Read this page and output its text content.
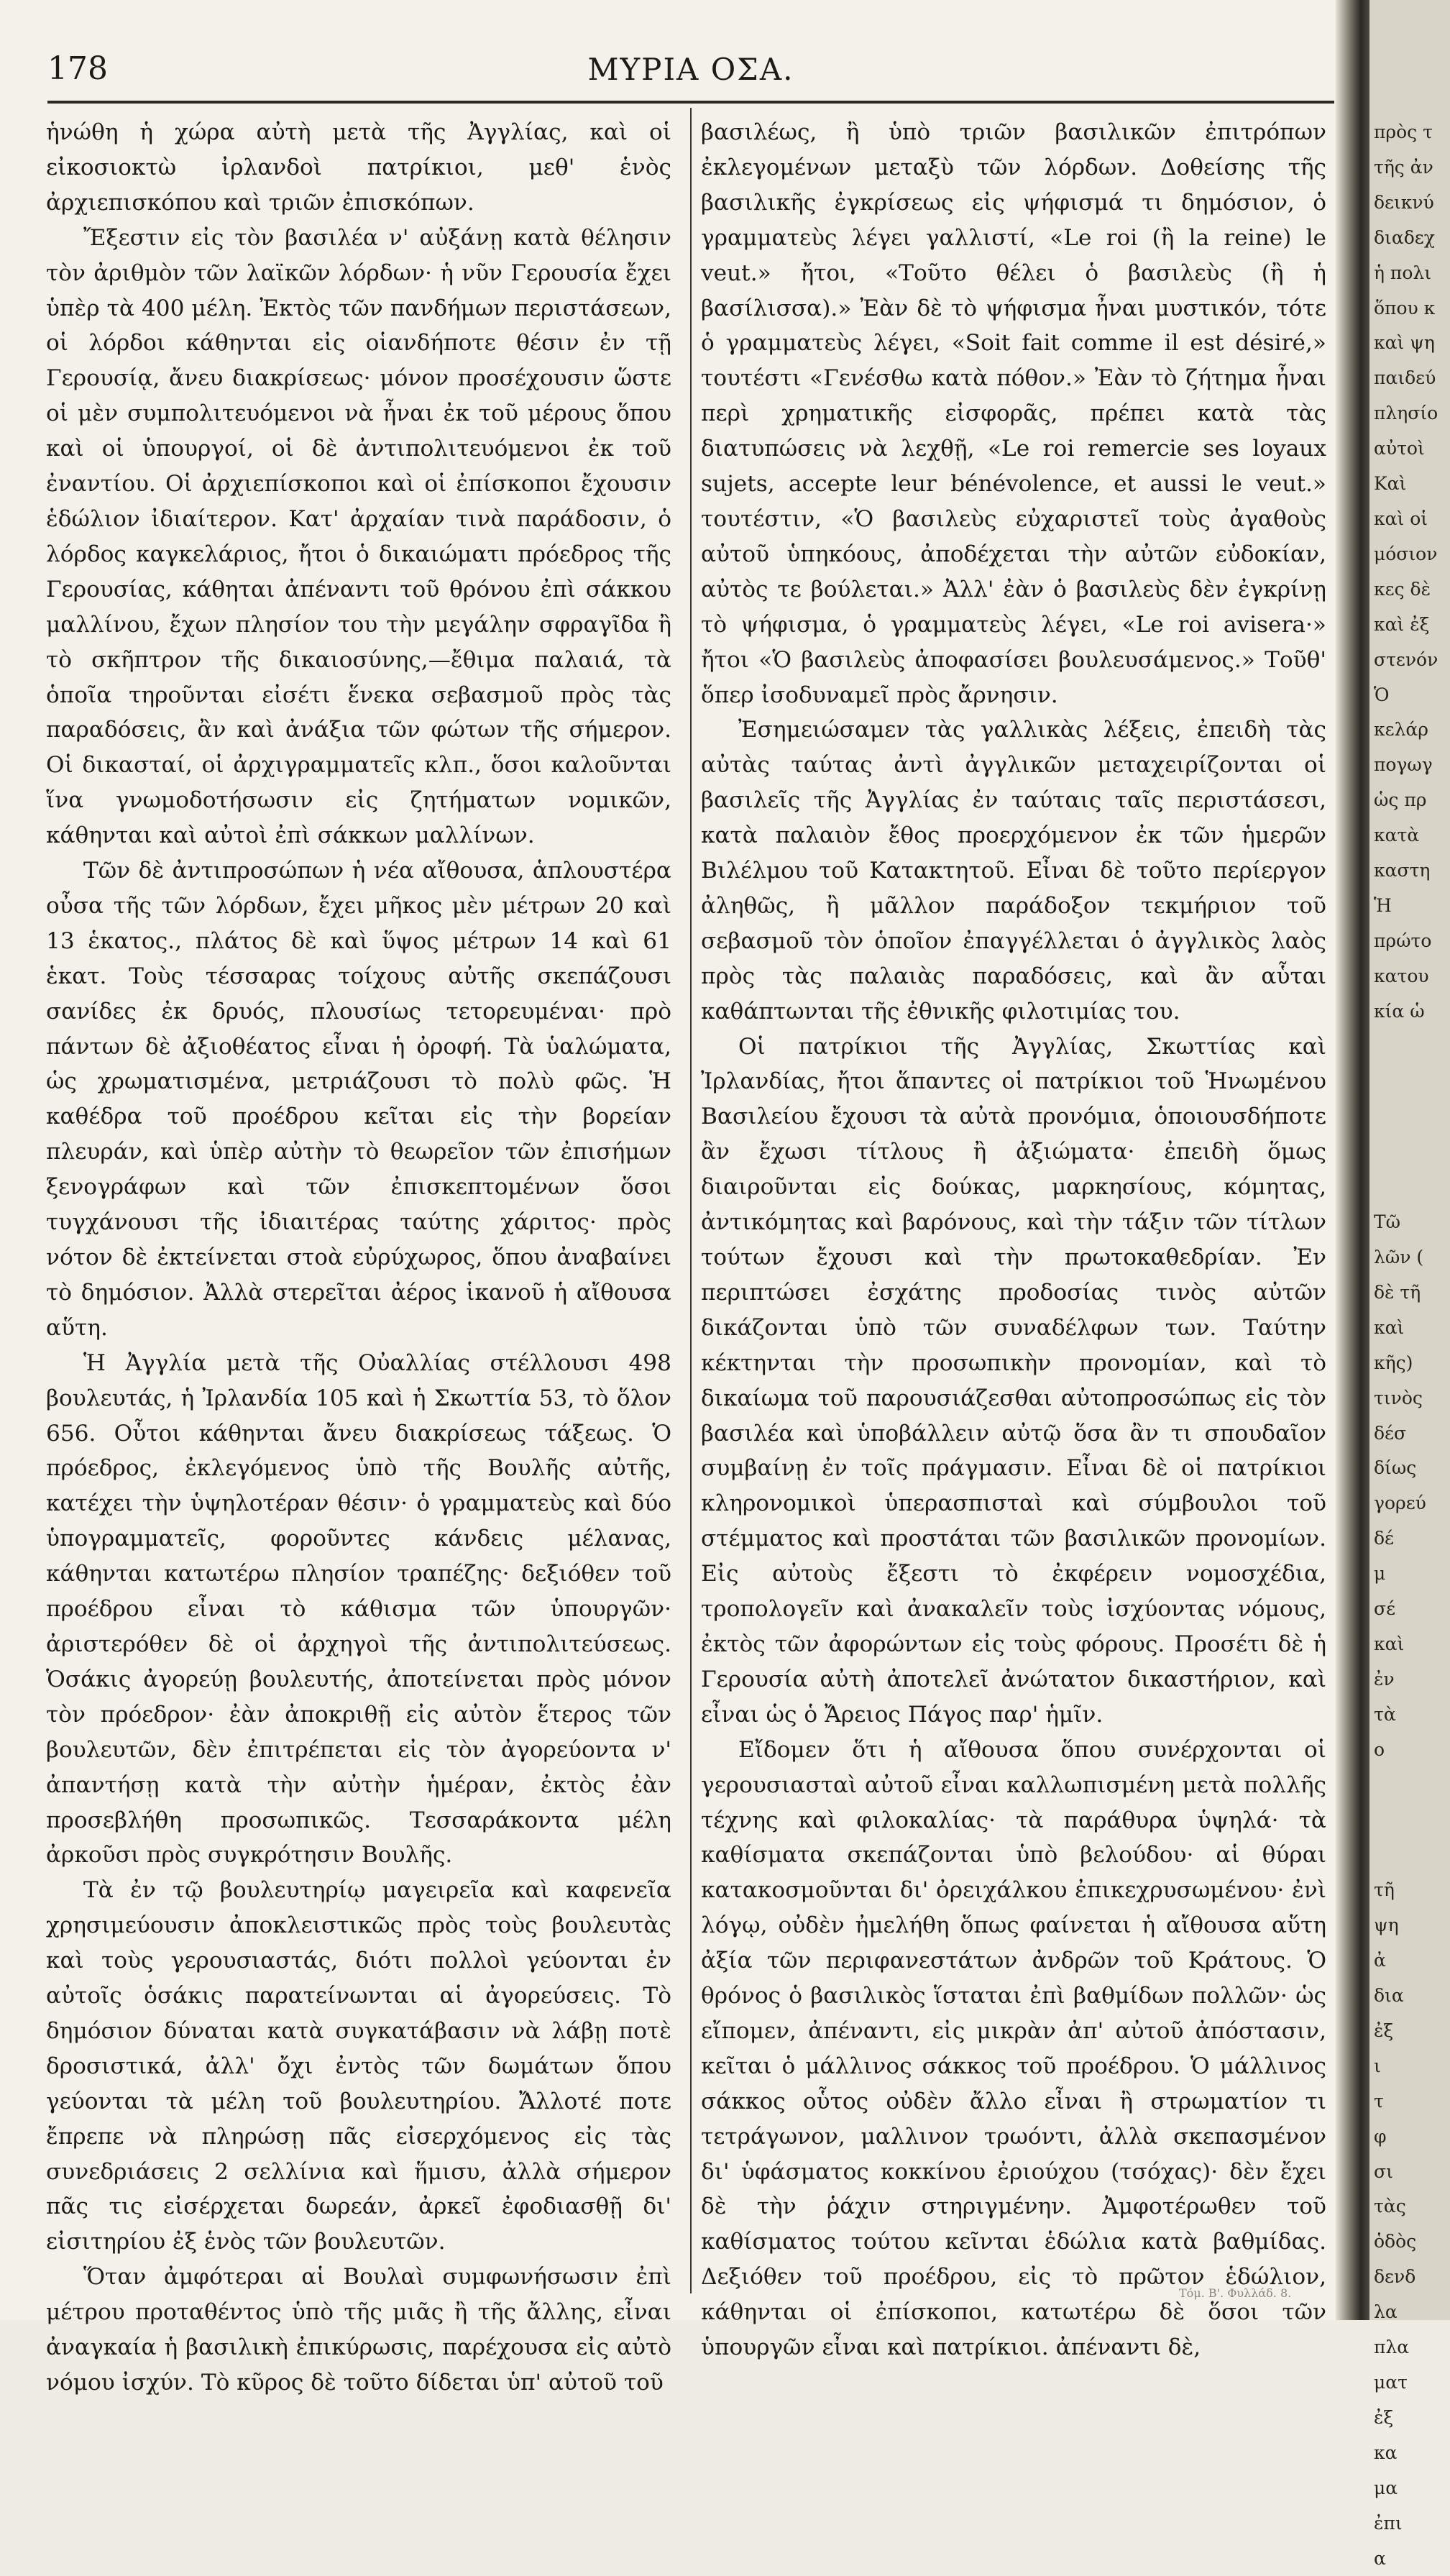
178	ΜΥΡΙΑ ΟΣΑ.

ἡνώθη ἡ χώρα αὐτὴ μετὰ τῆς Ἀγγλίας, καὶ οἱ εἰκοσιοκτὼ ἰρλανδοὶ πατρίκιοι, μεθ' ἑνὸς ἀρχιεπισκόπου καὶ τριῶν ἐπισκόπων.

Ἔξεστιν εἰς τὸν βασιλέα ν' αὐξάνῃ κατὰ θέλησιν τὸν ἀριθμὸν τῶν λαϊκῶν λόρδων· ἡ νῦν Γερουσία ἔχει ὑπὲρ τὰ 400 μέλη. Ἐκτὸς τῶν πανδήμων περιστάσεων, οἱ λόρδοι κάθηνται εἰς οἱανδήποτε θέσιν ἐν τῇ Γερουσίᾳ, ἄνευ διακρίσεως· μόνον προσέχουσιν ὥστε οἱ μὲν συμπολιτευόμενοι νὰ ἦναι ἐκ τοῦ μέρους ὅπου καὶ οἱ ὑπουργοί, οἱ δὲ ἀντιπολιτευόμενοι ἐκ τοῦ ἐναντίου. Οἱ ἀρχιεπίσκοποι καὶ οἱ ἐπίσκοποι ἔχουσιν ἑδώλιον ἰδιαίτερον. Κατ' ἀρχαίαν τινὰ παράδοσιν, ὁ λόρδος καγκελάριος, ἤτοι ὁ δικαιώματι πρόεδρος τῆς Γερουσίας, κάθηται ἀπέναντι τοῦ θρόνου ἐπὶ σάκκου μαλλίνου, ἔχων πλησίον του τὴν μεγάλην σφραγῖδα ἢ τὸ σκῆπτρον τῆς δικαιοσύνης,—ἔθιμα παλαιά, τὰ ὁποῖα τηροῦνται εἰσέτι ἕνεκα σεβασμοῦ πρὸς τὰς παραδόσεις, ἂν καὶ ἀνάξια τῶν φώτων τῆς σήμερον. Οἱ δικασταί, οἱ ἀρχιγραμματεῖς κλπ., ὅσοι καλοῦνται ἵνα γνωμοδοτήσωσιν εἰς ζητήματων νομικῶν, κάθηνται καὶ αὐτοὶ ἐπὶ σάκκων μαλλίνων.

Τῶν δὲ ἀντιπροσώπων ἡ νέα αἴθουσα, ἁπλουστέρα οὖσα τῆς τῶν λόρδων, ἔχει μῆκος μὲν μέτρων 20 καὶ 13 ἑκατος., πλάτος δὲ καὶ ὕψος μέτρων 14 καὶ 61 ἑκατ. Τοὺς τέσσαρας τοίχους αὐτῆς σκεπάζουσι σανίδες ἐκ δρυός, πλουσίως τετορευμέναι· πρὸ πάντων δὲ ἀξιοθέατος εἶναι ἡ ὀροφή. Τὰ ὑαλώματα, ὡς χρωματισμένα, μετριάζουσι τὸ πολὺ φῶς. Ἡ καθέδρα τοῦ προέδρου κεῖται εἰς τὴν βορείαν πλευράν, καὶ ὑπὲρ αὐτὴν τὸ θεωρεῖον τῶν ἐπισήμων ξενογράφων καὶ τῶν ἐπισκεπτομένων ὅσοι τυγχάνουσι τῆς ἰδιαιτέρας ταύτης χάριτος· πρὸς νότον δὲ ἐκτείνεται στοὰ εὐρύχωρος, ὅπου ἀναβαίνει τὸ δημόσιον. Ἀλλὰ στερεῖται ἀέρος ἱκανοῦ ἡ αἴθουσα αὕτη.

Ἡ Ἀγγλία μετὰ τῆς Οὐαλλίας στέλλουσι 498 βουλευτάς, ἡ Ἰρλανδία 105 καὶ ἡ Σκωττία 53, τὸ ὅλον 656. Οὗτοι κάθηνται ἄνευ διακρίσεως τάξεως. Ὁ πρόεδρος, ἐκλεγόμενος ὑπὸ τῆς Βουλῆς αὐτῆς, κατέχει τὴν ὑψηλοτέραν θέσιν· ὁ γραμματεὺς καὶ δύο ὑπογραμματεῖς, φοροῦντες κάνδεις μέλανας, κάθηνται κατωτέρω πλησίον τραπέζης· δεξιόθεν τοῦ προέδρου εἶναι τὸ κάθισμα τῶν ὑπουργῶν· ἀριστερόθεν δὲ οἱ ἀρχηγοὶ τῆς ἀντιπολιτεύσεως. Ὁσάκις ἀγορεύῃ βουλευτής, ἀποτείνεται πρὸς μόνον τὸν πρόεδρον· ἐὰν ἀποκριθῇ εἰς αὐτὸν ἕτερος τῶν βουλευτῶν, δὲν ἐπιτρέπεται εἰς τὸν ἀγορεύοντα ν' ἀπαντήσῃ κατὰ τὴν αὐτὴν ἡμέραν, ἐκτὸς ἐὰν προσεβλήθη προσωπικῶς. Τεσσαράκοντα μέλη ἀρκοῦσι πρὸς συγκρότησιν Βουλῆς.

Τὰ ἐν τῷ βουλευτηρίῳ μαγειρεῖα καὶ καφενεῖα χρησιμεύουσιν ἀποκλειστικῶς πρὸς τοὺς βουλευτὰς καὶ τοὺς γερουσιαστάς, διότι πολλοὶ γεύονται ἐν αὐτοῖς ὁσάκις παρατείνωνται αἱ ἀγορεύσεις. Τὸ δημόσιον δύναται κατὰ συγκατάβασιν νὰ λάβῃ ποτὲ δροσιστικά, ἀλλ' ὄχι ἐντὸς τῶν δωμάτων ὅπου γεύονται τὰ μέλη τοῦ βουλευτηρίου. Ἄλλοτέ ποτε ἔπρεπε νὰ πληρώσῃ πᾶς εἰσερχόμενος εἰς τὰς συνεδριάσεις 2 σελλίνια καὶ ἥμισυ, ἀλλὰ σήμερον πᾶς τις εἰσέρχεται δωρεάν, ἀρκεῖ ἐφοδιασθῇ δι' εἰσιτηρίου ἐξ ἑνὸς τῶν βουλευτῶν.

Ὅταν ἀμφότεραι αἱ Βουλαὶ συμφωνήσωσιν ἐπὶ μέτρου προταθέντος ὑπὸ τῆς μιᾶς ἢ τῆς ἄλλης, εἶναι ἀναγκαία ἡ βασιλικὴ ἐπικύρωσις, παρέχουσα εἰς αὐτὸ νόμου ἰσχύν. Τὸ κῦρος δὲ τοῦτο δίδεται ὑπ' αὐτοῦ τοῦ

βασιλέως, ἢ ὑπὸ τριῶν βασιλικῶν ἐπιτρόπων ἐκλεγομένων μεταξὺ τῶν λόρδων. Δοθείσης τῆς βασιλικῆς ἐγκρίσεως εἰς ψήφισμά τι δημόσιον, ὁ γραμματεὺς λέγει γαλλιστί, «Le roi (ἢ la reine) le veut.» ἤτοι, «Τοῦτο θέλει ὁ βασιλεὺς (ἢ ἡ βασίλισσα).» Ἐὰν δὲ τὸ ψήφισμα ἦναι μυστικόν, τότε ὁ γραμματεὺς λέγει, «Soit fait comme il est désiré,» τουτέστι «Γενέσθω κατὰ πόθον.» Ἐὰν τὸ ζήτημα ἦναι περὶ χρηματικῆς εἰσφορᾶς, πρέπει κατὰ τὰς διατυπώσεις νὰ λεχθῇ, «Le roi remercie ses loyaux sujets, accepte leur bénévolence, et aussi le veut.» τουτέστιν, «Ὁ βασιλεὺς εὐχαριστεῖ τοὺς ἀγαθοὺς αὐτοῦ ὑπηκόους, ἀποδέχεται τὴν αὐτῶν εὐδοκίαν, αὐτὸς τε βούλεται.» Ἀλλ' ἐὰν ὁ βασιλεὺς δὲν ἐγκρίνῃ τὸ ψήφισμα, ὁ γραμματεὺς λέγει, «Le roi avisera·» ἤτοι «Ὁ βασιλεὺς ἀποφασίσει βουλευσάμενος.» Τοῦθ' ὅπερ ἰσοδυναμεῖ πρὸς ἄρνησιν.

Ἐσημειώσαμεν τὰς γαλλικὰς λέξεις, ἐπειδὴ τὰς αὐτὰς ταύτας ἀντὶ ἀγγλικῶν μεταχειρίζονται οἱ βασιλεῖς τῆς Ἀγγλίας ἐν ταύταις ταῖς περιστάσεσι, κατὰ παλαιὸν ἔθος προερχόμενον ἐκ τῶν ἡμερῶν Βιλέλμου τοῦ Κατακτητοῦ. Εἶναι δὲ τοῦτο περίεργον ἀληθῶς, ἢ μᾶλλον παράδοξον τεκμήριον τοῦ σεβασμοῦ τὸν ὁποῖον ἐπαγγέλλεται ὁ ἀγγλικὸς λαὸς πρὸς τὰς παλαιὰς παραδόσεις, καὶ ἂν αὗται καθάπτωνται τῆς ἐθνικῆς φιλοτιμίας του.

Οἱ πατρίκιοι τῆς Ἀγγλίας, Σκωττίας καὶ Ἰρλανδίας, ἤτοι ἅπαντες οἱ πατρίκιοι τοῦ Ἡνωμένου Βασιλείου ἔχουσι τὰ αὐτὰ προνόμια, ὁποιουσδήποτε ἂν ἔχωσι τίτλους ἢ ἀξιώματα· ἐπειδὴ ὅμως διαιροῦνται εἰς δούκας, μαρκησίους, κόμητας, ἀντικόμητας καὶ βαρόνους, καὶ τὴν τάξιν τῶν τίτλων τούτων ἔχουσι καὶ τὴν πρωτοκαθεδρίαν. Ἐν περιπτώσει ἐσχάτης προδοσίας τινὸς αὐτῶν δικάζονται ὑπὸ τῶν συναδέλφων των. Ταύτην κέκτηνται τὴν προσωπικὴν προνομίαν, καὶ τὸ δικαίωμα τοῦ παρουσιάζεσθαι αὐτοπροσώπως εἰς τὸν βασιλέα καὶ ὑποβάλλειν αὐτῷ ὅσα ἂν τι σπουδαῖον συμβαίνῃ ἐν τοῖς πράγμασιν. Εἶναι δὲ οἱ πατρίκιοι κληρονομικοὶ ὑπερασπισταὶ καὶ σύμβουλοι τοῦ στέμματος καὶ προστάται τῶν βασιλικῶν προνομίων. Εἰς αὐτοὺς ἔξεστι τὸ ἐκφέρειν νομοσχέδια, τροπολογεῖν καὶ ἀνακαλεῖν τοὺς ἰσχύοντας νόμους, ἐκτὸς τῶν ἀφορώντων εἰς τοὺς φόρους. Προσέτι δὲ ἡ Γερουσία αὐτὴ ἀποτελεῖ ἀνώτατον δικαστήριον, καὶ εἶναι ὡς ὁ Ἄρειος Πάγος παρ' ἡμῖν.

Εἴδομεν ὅτι ἡ αἴθουσα ὅπου συνέρχονται οἱ γερουσιασταὶ αὐτοῦ εἶναι καλλωπισμένη μετὰ πολλῆς τέχνης καὶ φιλοκαλίας· τὰ παράθυρα ὑψηλά· τὰ καθίσματα σκεπάζονται ὑπὸ βελούδου· αἱ θύραι κατακοσμοῦνται δι' ὀρειχάλκου ἐπικεχρυσωμένου· ἐνὶ λόγῳ, οὐδὲν ἠμελήθη ὅπως φαίνεται ἡ αἴθουσα αὕτη ἀξία τῶν περιφανεστάτων ἀνδρῶν τοῦ Κράτους. Ὁ θρόνος ὁ βασιλικὸς ἵσταται ἐπὶ βαθμίδων πολλῶν· ὡς εἴπομεν, ἀπέναντι, εἰς μικρὰν ἀπ' αὐτοῦ ἀπόστασιν, κεῖται ὁ μάλλινος σάκκος τοῦ προέδρου. Ὁ μάλλινος σάκκος οὗτος οὐδὲν ἄλλο εἶναι ἢ στρωματίον τι τετράγωνον, μαλλινον τρωόντι, ἀλλὰ σκεπασμένον δι' ὑφάσματος κοκκίνου ἐριούχου (τσόχας)· δὲν ἔχει δὲ τὴν ῥάχιν στηριγμένην. Ἀμφοτέρωθεν τοῦ καθίσματος τούτου κεῖνται ἑδώλια κατὰ βαθμίδας. Δεξιόθεν τοῦ προέδρου, εἰς τὸ πρῶτον ἑδώλιον, κάθηνται οἱ ἐπίσκοποι, κατωτέρω δὲ ὅσοι τῶν ὑπουργῶν εἶναι καὶ πατρίκιοι. ἀπέναντι δὲ,

Τόμ. Β'. Φυλλάδ. 8.
πρὸς τ
τῆς ἀν
δεικνύ
διαδεχ
ἡ πολι
ὅπου κ
καὶ ψη
παιδεύ
πλησίο
αὐτοὶ
Καὶ
καὶ οἱ
μόσιον
κες δὲ
καὶ ἐξ
στενόν
Ὁ
κελάρ
πογωγ
ὡς πρ
κατὰ
καστη
Ἡ
πρώτο
κατου
κία ὡ

Τῶ
λῶν (
δὲ τῆ
καὶ
κῆς)
τινὸς
δέσ
δίως
γορεύ
δέ
μ
σέ
καὶ
ἐν
τὰ
ο

τῆ
ψη
ἀ
δια
ἐξ
ι
τ
φ
σι
τὰς
ὁδὸς
δενδ
λα
πλα
ματ
ἐξ
κα
μα
ἐπι
α
